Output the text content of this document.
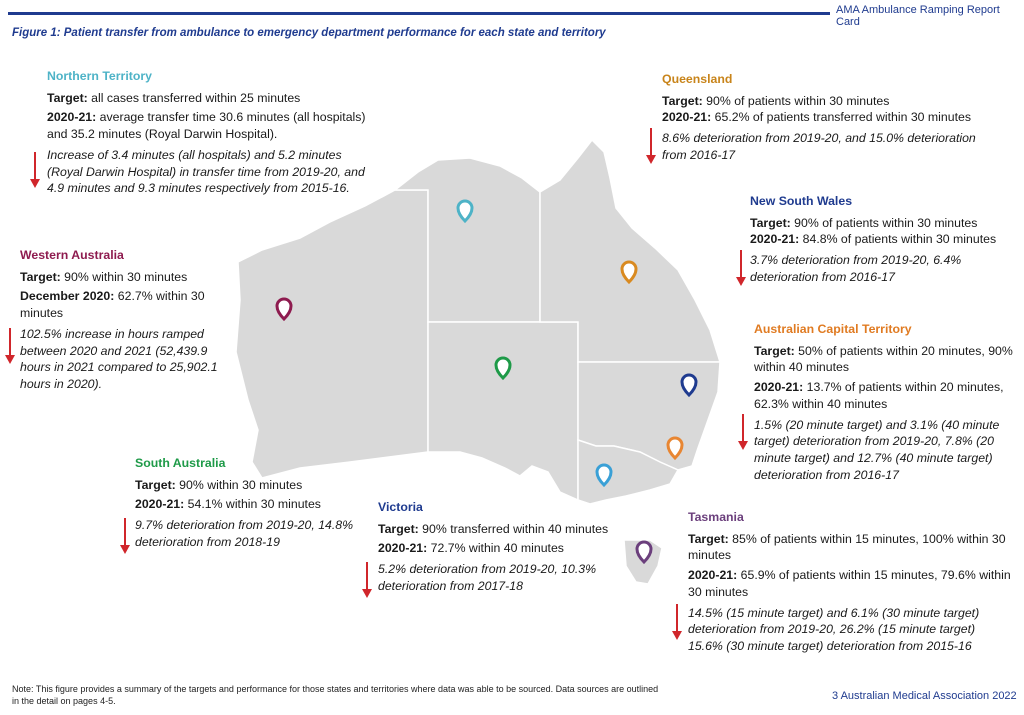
AMA Ambulance Ramping Report Card
Figure 1: Patient transfer from ambulance to emergency department performance for each state and territory
Northern Territory
Target: all cases transferred within 25 minutes
2020-21: average transfer time 30.6 minutes (all hospitals) and 35.2 minutes (Royal Darwin Hospital).
Increase of 3.4 minutes (all hospitals) and 5.2 minutes (Royal Darwin Hospital) in transfer time from 2019-20, and 4.9 minutes and 9.3 minutes respectively from 2015-16.
Western Australia
Target: 90% within 30 minutes
December 2020: 62.7% within 30 minutes
102.5% increase in hours ramped between 2020 and 2021 (52,439.9 hours in 2021 compared to 25,902.1 hours in 2020).
South Australia
Target: 90% within 30 minutes
2020-21: 54.1% within 30 minutes
9.7% deterioration from 2019-20, 14.8% deterioration from 2018-19
Victoria
Target: 90% transferred within 40 minutes
2020-21: 72.7% within 40 minutes
5.2% deterioration from 2019-20, 10.3% deterioration from 2017-18
Queensland
Target: 90% of patients within 30 minutes
2020-21: 65.2% of patients transferred within 30 minutes
8.6% deterioration from 2019-20, and 15.0% deterioration from 2016-17
New South Wales
Target: 90% of patients within 30 minutes
2020-21: 84.8% of patients within 30 minutes
3.7% deterioration from 2019-20, 6.4% deterioration from 2016-17
Australian Capital Territory
Target: 50% of patients within 20 minutes, 90% within 40 minutes
2020-21: 13.7% of patients within 20 minutes, 62.3% within 40 minutes
1.5% (20 minute target) and 3.1% (40 minute target) deterioration from 2019-20, 7.8% (20 minute target) and 12.7% (40 minute target) deterioration from 2016-17
Tasmania
Target: 85% of patients within 15 minutes, 100% within 30 minutes
2020-21: 65.9% of patients within 15 minutes, 79.6% within 30 minutes
14.5% (15 minute target) and 6.1% (30 minute target) deterioration from 2019-20, 26.2% (15 minute target) 15.6% (30 minute target) deterioration from 2015-16
Note: This figure provides a summary of the targets and performance for those states and territories where data was able to be sourced. Data sources are outlined in the detail on pages 4-5.	3 Australian Medical Association 2022
